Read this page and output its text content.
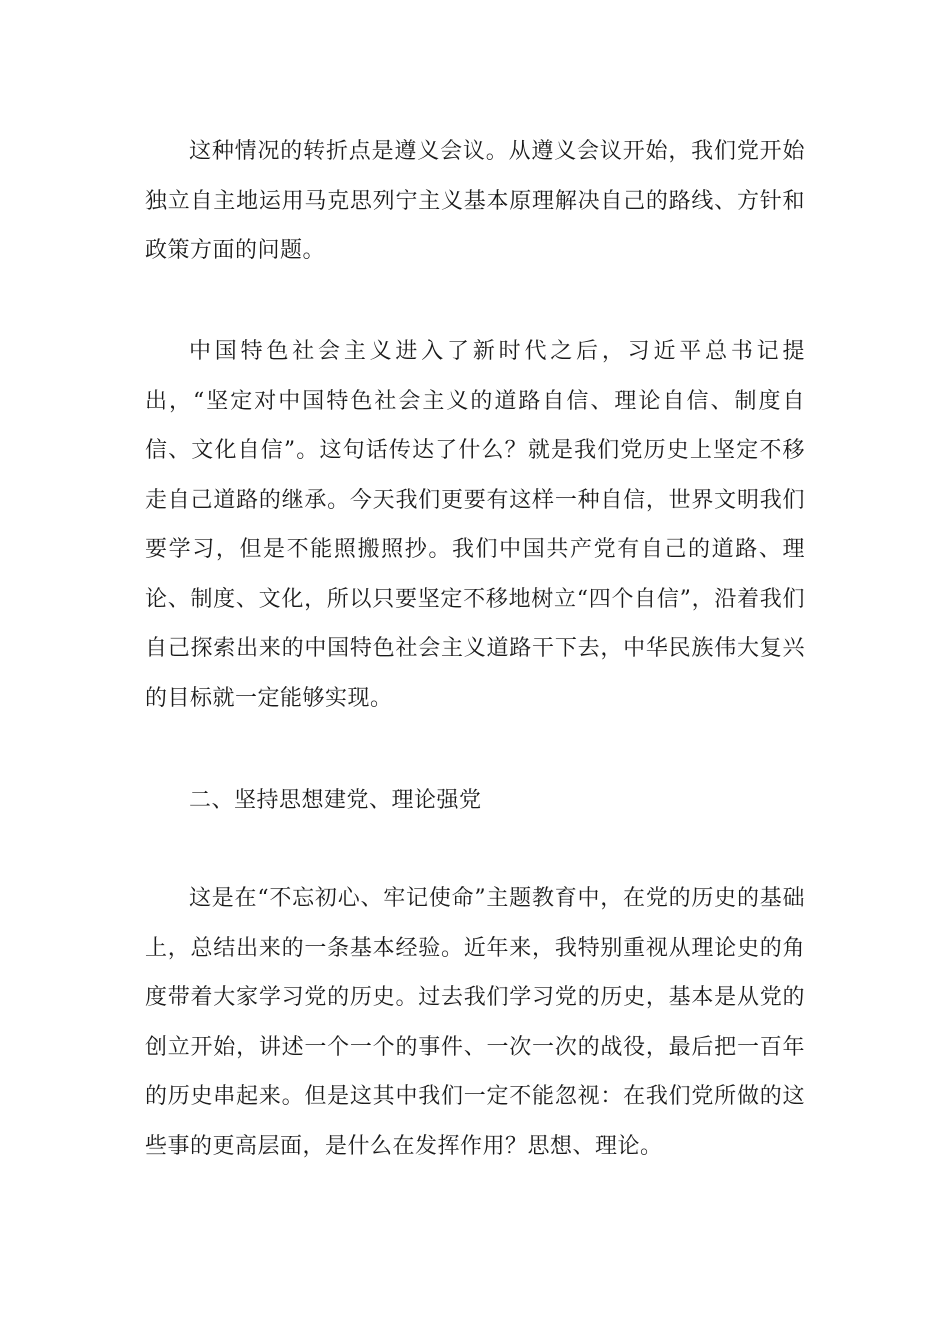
这种情况的转折点是遵义会议。从遵义会议开始，我们党开始独立自主地运用马克思列宁主义基本原理解决自己的路线、方针和政策方面的问题。

中国特色社会主义进入了新时代之后，习近平总书记提出，“坚定对中国特色社会主义的道路自信、理论自信、制度自信、文化自信”。这句话传达了什么？就是我们党历史上坚定不移走自己道路的继承。今天我们更要有这样一种自信，世界文明我们要学习，但是不能照搬照抄。我们中国共产党有自己的道路、理论、制度、文化，所以只要坚定不移地树立“四个自信”，沿着我们自己探索出来的中国特色社会主义道路干下去，中华民族伟大复兴的目标就一定能够实现。

二、坚持思想建党、理论强党

这是在“不忘初心、牢记使命”主题教育中，在党的历史的基础上，总结出来的一条基本经验。近年来，我特别重视从理论史的角度带着大家学习党的历史。过去我们学习党的历史，基本是从党的创立开始，讲述一个一个的事件、一次一次的战役，最后把一百年的历史串起来。但是这其中我们一定不能忽视：在我们党所做的这些事的更高层面，是什么在发挥作用？思想、理论。
